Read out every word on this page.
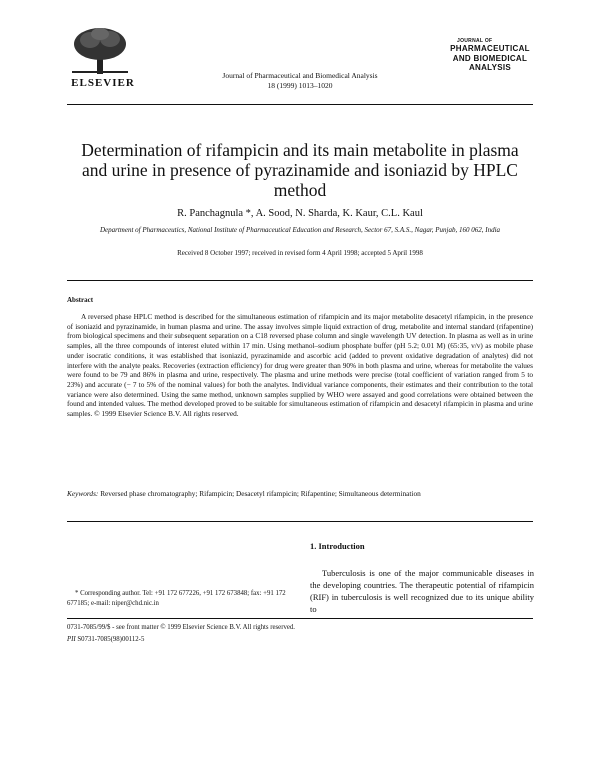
ELSEVIER
Journal of Pharmaceutical and Biomedical Analysis
18 (1999) 1013–1020
JOURNAL OF
PHARMACEUTICAL
AND BIOMEDICAL
ANALYSIS
Determination of rifampicin and its main metabolite in plasma and urine in presence of pyrazinamide and isoniazid by HPLC method
R. Panchagnula *, A. Sood, N. Sharda, K. Kaur, C.L. Kaul
Department of Pharmaceutics, National Institute of Pharmaceutical Education and Research, Sector 67, S.A.S., Nagar, Punjab, 160 062, India
Received 8 October 1997; received in revised form 4 April 1998; accepted 5 April 1998
Abstract

A reversed phase HPLC method is described for the simultaneous estimation of rifampicin and its major metabolite desacetyl rifampicin, in the presence of isoniazid and pyrazinamide, in human plasma and urine. The assay involves simple liquid extraction of drug, metabolite and internal standard (rifapentine) from biological specimens and their subsequent separation on a C18 reversed phase column and single wavelength UV detection. In plasma as well as in urine samples, all the three compounds of interest eluted within 17 min. Using methanol–sodium phosphate buffer (pH 5.2; 0.01 M) (65:35, v/v) as mobile phase under isocratic conditions, it was established that isoniazid, pyrazinamide and ascorbic acid (added to prevent oxidative degradation of analytes) did not interfere with the analyte peaks. Recoveries (extraction efficiency) for drug were greater than 90% in both plasma and urine, whereas for metabolite the values were found to be 79 and 86% in plasma and urine, respectively. The plasma and urine methods were precise (total coefficient of variation ranged from 5 to 23%) and accurate (− 7 to 5% of the nominal values) for both the analytes. Individual variance components, their estimates and their contribution to the total variance were also determined. Using the same method, unknown samples supplied by WHO were assayed and good correlations were obtained between the found and intended values. The method developed proved to be suitable for simultaneous estimation of rifampicin and desacetyl rifampicin in plasma and urine samples. © 1999 Elsevier Science B.V. All rights reserved.

Keywords: Reversed phase chromatography; Rifampicin; Desacetyl rifampicin; Rifapentine; Simultaneous determination

1. Introduction

Tuberculosis is one of the major communicable diseases in the developing countries. The therapeutic potential of rifampicin (RIF) in tuberculosis is well recognized due to its unique ability to

* Corresponding author. Tel: +91 172 677226, +91 172 673848; fax: +91 172 677185; e-mail: niper@chd.nic.in

0731-7085/99/$ - see front matter © 1999 Elsevier Science B.V. All rights reserved.
PII S0731-7085(98)00112-5
